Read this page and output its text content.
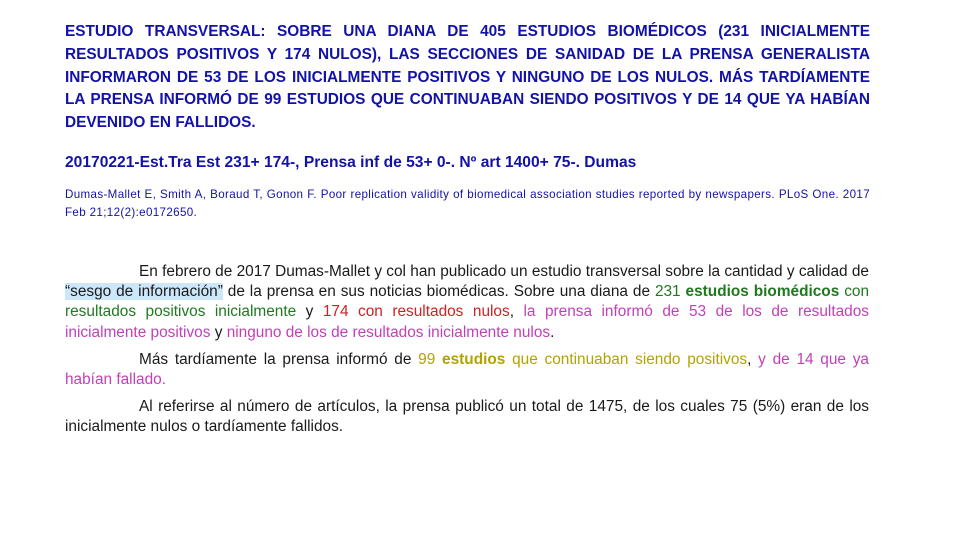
ESTUDIO TRANSVERSAL: SOBRE UNA DIANA DE 405 ESTUDIOS BIOMÉDICOS (231 INICIALMENTE RESULTADOS POSITIVOS Y 174 NULOS), LAS SECCIONES DE SANIDAD DE LA PRENSA GENERALISTA INFORMARON DE 53 DE LOS INICIALMENTE POSITIVOS Y NINGUNO DE LOS NULOS. MÁS TARDÍAMENTE LA PRENSA INFORMÓ DE 99 ESTUDIOS QUE CONTINUABAN SIENDO POSITIVOS Y DE 14 QUE YA HABÍAN DEVENIDO EN FALLIDOS.

20170221-Est.Tra Est 231+ 174-, Prensa inf de 53+ 0-. Nº art 1400+ 75-. Dumas

Dumas-Mallet E, Smith A, Boraud T, Gonon F. Poor replication validity of biomedical association studies reported by newspapers. PLoS One. 2017 Feb 21;12(2):e0172650.

En febrero de 2017 Dumas-Mallet y col han publicado un estudio transversal sobre la cantidad y calidad de “sesgo de información” de la prensa en sus noticias biomédicas. Sobre una diana de 231 estudios biomédicos con resultados positivos inicialmente y 174 con resultados nulos, la prensa informó de 53 de los de resultados inicialmente positivos y ninguno de los de resultados inicialmente nulos.

Más tardíamente la prensa informó de 99 estudios que continuaban siendo positivos, y de 14 que ya habían fallado.

Al referirse al número de artículos, la prensa publicó un total de 1475, de los cuales 75 (5%) eran de los inicialmente nulos o tardíamente fallidos.
